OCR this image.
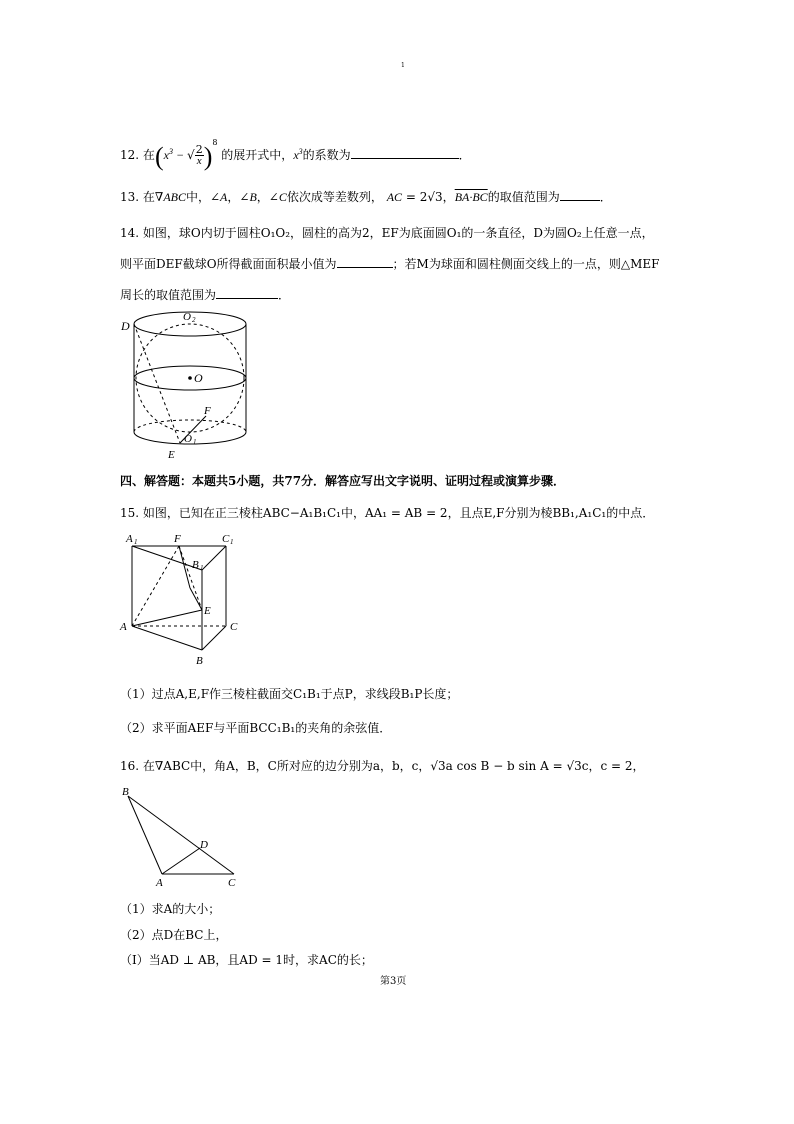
1
12. 在($x^3$ − √ $\frac{2}{x} )^8$ 的展开式中，$x^3$的系数为	．
13. 在∇ABC中，∠A，∠B，∠C依次成等差数列， AC = 2√3，BA·BC的取值范围为	．
14. 如图，球O内切于圆柱O₁O₂，圆柱的高为2，EF为底面圆O₁的一条直径，D为圆O₂上任意一点，
则平面DEF截球O所得截面面积最小值为	；若M为球面和圆柱侧面交线上的一点，则△MEF
周长的取值范围为	．
D
O 2
O
F
O 1
E
四、解答题：本题共5小题，共77分．解答应写出文字说明、证明过程或演算步骤．
15. 如图，已知在正三棱柱ABC−A₁B₁C₁中，AA₁ = AB = 2，且点E,F分别为棱BB₁,A₁C₁的中点．
A 1	F	C 1
B 1
E
A	C
B
（1）过点A,E,F作三棱柱截面交C₁B₁于点P，求线段B₁P长度；
（2）求平面AEF与平面BCC₁B₁的夹角的余弦值．
16. 在∇ABC中，角A，B，C所对应的边分别为a，b，c，√3a cos B − b sin A = √3c，c = 2，
B
D
A	C
（1）求A的大小；
（2）点D在BC上，
（Ⅰ）当AD ⊥ AB，且AD = 1时，求AC的长；
第3页
